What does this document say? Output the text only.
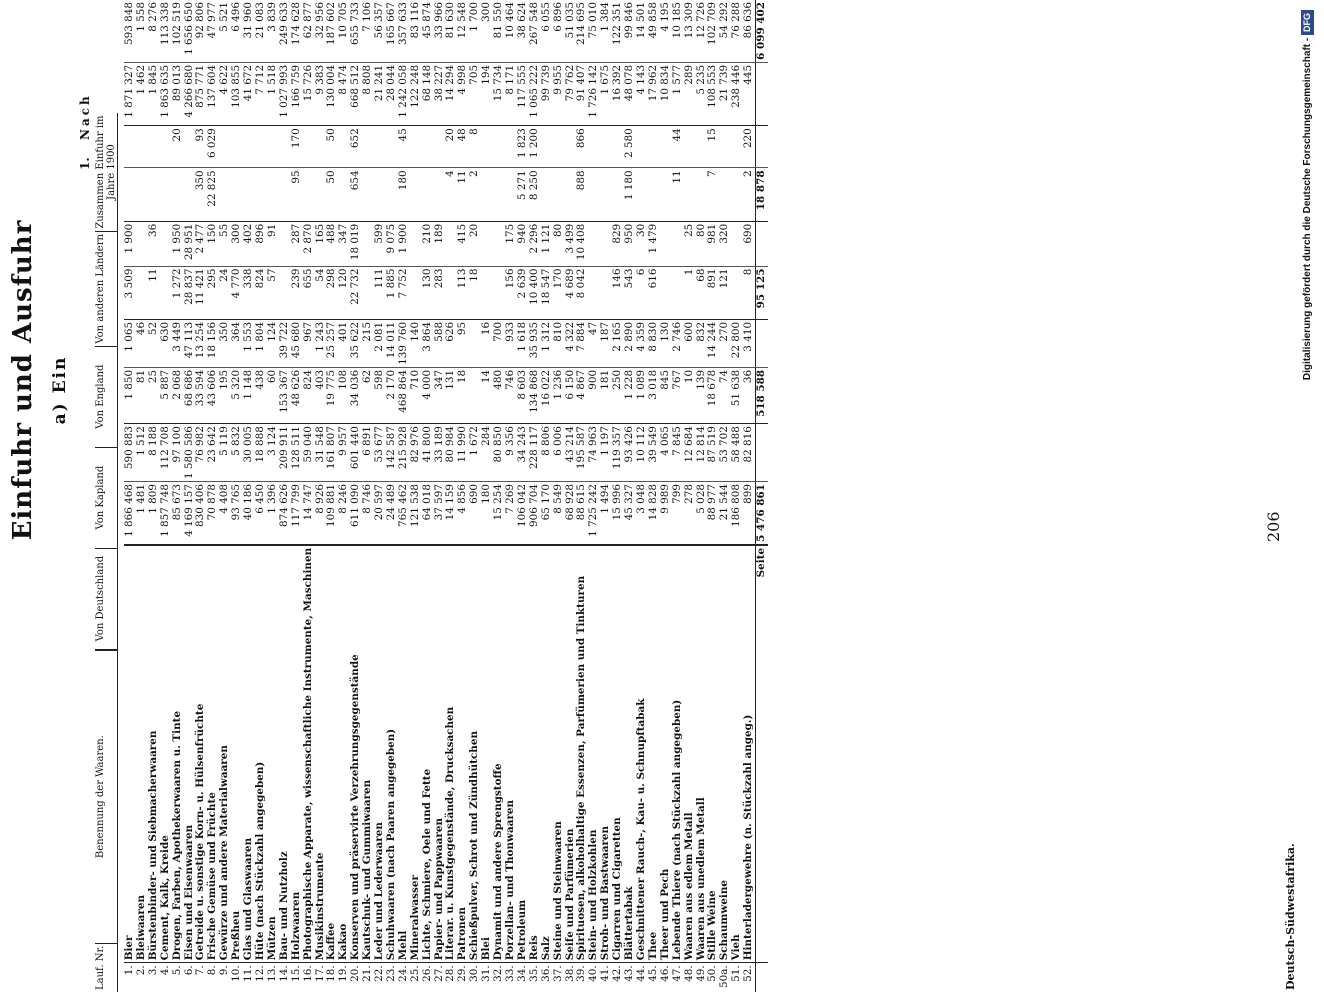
Deutsch-Südwestafrika.
206
Einfuhr und Ausfuhr a) Ein
1.
Nach
Lauf. Nr.	Benennung der Waaren.	Von Deutschland	Von Kapland	Von England	Von anderen Ländern	Zusammen Einfuhr im Jahre 1900
1.	Bier	1 866 468	590 883	1 850	1 065	3 509	1 900			1 871 327	593 848
2.	Bleiwaaren	1 481	1 512	81	46					1 462	1 558
3.	Bürstenbinder- und Siebmacherwaaren	1 809	8 188	25	52	11	36			1 845	8 276
4.	Cement, Kalk, Kreide	1 857 748	112 708	5 887	630					1 863 635	113 338
5.	Drogen, Farben, Apothekerwaaren u. Tinte	85 673	97 100	2 068	3 449	1 272	1 950		20	89 013	102 519
6.	Eisen und Eisenwaaren	4 169 157	1 580 586	68 686	47 113	28 837	28 951			4 266 680	1 656 650
7.	Getreide u. sonstige Korn- u. Hülsenfrüchte	830 406	76 982	33 594	13 254	11 421	2 477	350	93	875 771	92 806
8.	Frische Gemüse und Früchte	70 878	23 642	43 606	18 156	295	150	22 825	6 029	137 604	47 977
9.	Gewürze und andere Materialwaaren	4 408	5 119	195	350	24	55			4 622	5 521
10.	Preßheu	93 765	5 832	5 320	364	4 770	300			103 855	6 496
11.	Glas und Glaswaaren	40 186	30 005	1 148	1 553	338	402			41 672	31 960
12.	Hüte (nach Stückzahl angegeben)	6 450	18 888	438	1 804	824	896			7 712	21 083
13.	Mützen	1 396	3 124	60	124	57	91			1 518	3 839
14.	Bau- und Nutzholz	874 626	209 911	153 367	39 722					1 027 993	249 633
15.	Holzwaaren	117 799	128 511	48 626	45 680	239	287	95	170	166 759	174 628
16.	Photographische Apparate, wissenschaftliche Instrumente, Maschinen	14 747	59 040	824	967	655	2 870			15 726	62 877
17.	Musikinstrumente	8 926	31 548	403	1 243	54	165			9 383	32 956
18.	Kaffee	109 881	161 807	19 775	25 257	298	488	50	50	130 004	187 602
19.	Kakao	8 246	9 957	108	401	120	347			8 474	10 705
20.	Konserven und präservirte Verzehrungsgegenstände	611 090	601 440	34 036	35 622	22 732	18 019	654	652	668 512	655 733
21.	Kautschuk- und Gummiwaaren	8 746	6 891	62	215					8 808	7 106
22.	Leder und Lederwaaren	20 597	53 677	598	2 081	111	599			21 241	56 357
23.	Schuhwaaren (nach Paaren angegeben)	24 489	142 587	2 170	14 011	1 885	9 075			28 044	165 667
24.	Mehl	765 462	215 928	468 864	139 760	7 752	1 900	180	45	1 242 058	357 633
25.	Mineralwasser	121 538	82 976	710	140					122 248	83 116
26.	Lichte, Schmiere, Oele und Fette	64 018	41 800	4 000	3 864	130	210			68 148	45 874
27.	Papier- und Pappwaaren	37 597	33 189	347	588	283	189			38 227	33 966
28.	Literar. u. Kunstgegenstände, Drucksachen	14 159	80 984	131	626			4	20	14 294	81 630
29.	Patronen	4 856	11 990	18	95	113	415	11	48	4 998	12 548
30.	Schießpulver, Schrot und Zündhütchen	690	1 672			18	20	2	8	705	1 700
31.	Blei	180	284	14	16					194	300
32.	Dynamit und andere Sprengstoffe	15 254	80 850	480	700					15 734	81 550
33.	Porzellan- und Thonwaaren	7 269	9 356	746	933	156	175			8 171	10 464
34.	Petroleum	106 042	34 243	8 603	1 618	2 639	940	5 271	1 823	117 555	38 624
35.	Reis	906 704	228 117	134 868	35 935	10 400	2 296	8 250	1 200	1 065 222	267 548
36.	Salz	65 170	8 806	16 022	1 312	18 547	1 121			99 739	6 055
37.	Steine und Steinwaaren	8 549	6 006	1 236	810	170	80			9 955	6 896
38.	Seife und Parfümerien	68 928	43 214	6 150	4 322	4 689	3 499			79 762	51 035
39.	Spirituosen, alkoholhaltige Essenzen, Parfümerien und Tinkturen	88 615	195 587	4 867	7 884	8 042	10 408	888	866	91 407	214 695
40.	Stein- und Holzkohlen	1 725 242	74 963	900	47					1 726 142	75 010
41.	Stroh- und Bastwaaren	1 494	1 197	181	187					1 675	1 384
42.	Cigarren und Cigaretten	15 996	119 357	250	2 165	146	829			16 392	122 351
43.	Blättertabak	45 327	93 426	1 228	2 890	543	950	1 180	2 580	48 078	99 846
44.	Geschnittener Rauch-, Kau- u. Schnupftabak	3 048	10 112	1 089	4 359	6	30			4 143	14 501
45.	Thee	14 828	39 549	3 018	8 830	616	1 479			17 962	49 858
46.	Theer und Pech	9 989	4 065	845	130					10 834	4 195
47.	Lebende Thiere (nach Stückzahl angegeben)	799	7 845	767	2 746			11	44	1 577	10 185
48.	Waaren aus edlem Metall	278	12 684	10	600	1	25			289	13 309
49.	Waaren aus unedlem Metall	5 028	12 814	139	832	68	80			5 235	12 726
50.	Stille Weine	88 977	87 519	18 678	14 244	891	981	7	15	108 553	102 709
50a.	Schaumweine	21 544	53 702	74	270	121	320			21 739	54 292
51.	Vieh	186 808	58 488	51 638	22 800					238 446	76 288
52.	Hinterladergewehre (n. Stückzahl angeg.)	899	82 816	36	3 410	8	690	2	220	445	86 636
	Seite	5 476 861		518 588		95 125		18 878			6 099 402
Digitalisierung gefördert durch die Deutsche Forschungsgemeinschaft - DFG
